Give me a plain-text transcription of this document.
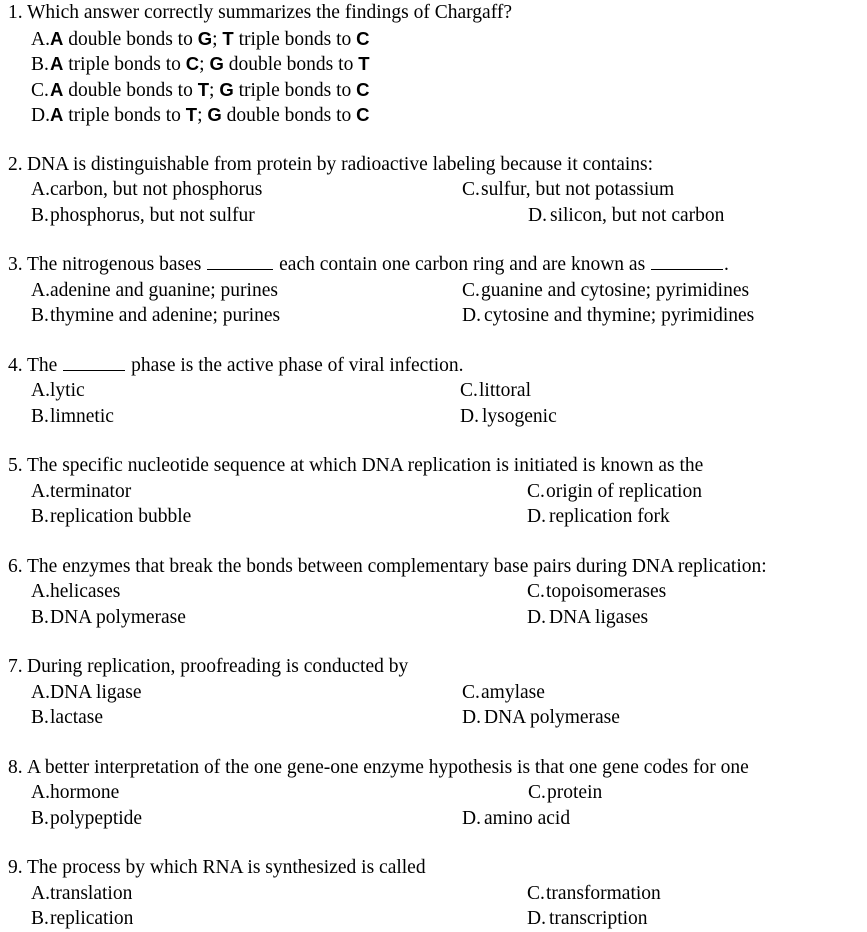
1. Which answer correctly summarizes the findings of Chargaff?
A.A double bonds to G; T triple bonds to C
B.A triple bonds to C; G double bonds to T
C.A double bonds to T; G triple bonds to C
D.A triple bonds to T; G double bonds to C
2. DNA is distinguishable from protein by radioactive labeling because it contains:
A.carbon, but not phosphorus	C.sulfur, but not potassium
B.phosphorus, but not sulfur	D. silicon, but not carbon
3. The nitrogenous bases	each contain one carbon ring and are known as	.
A.adenine and guanine; purines	C.guanine and cytosine; pyrimidines
B.thymine and adenine; purines	D. cytosine and thymine; pyrimidines
4. The	phase is the active phase of viral infection.
A.lytic	C.littoral
B.limnetic	D. lysogenic
5. The specific nucleotide sequence at which DNA replication is initiated is known as the
A.terminator	C.origin of replication
B.replication bubble	D. replication fork
6. The enzymes that break the bonds between complementary base pairs during DNA replication:
A.helicases	C.topoisomerases
B.DNA polymerase	D. DNA ligases
7. During replication, proofreading is conducted by
A.DNA ligase	C.amylase
B.lactase	D. DNA polymerase
8. A better interpretation of the one gene-one enzyme hypothesis is that one gene codes for one
A.hormone	C.protein
B.polypeptide	D. amino acid
9. The process by which RNA is synthesized is called
A.translation	C.transformation
B.replication	D. transcription
